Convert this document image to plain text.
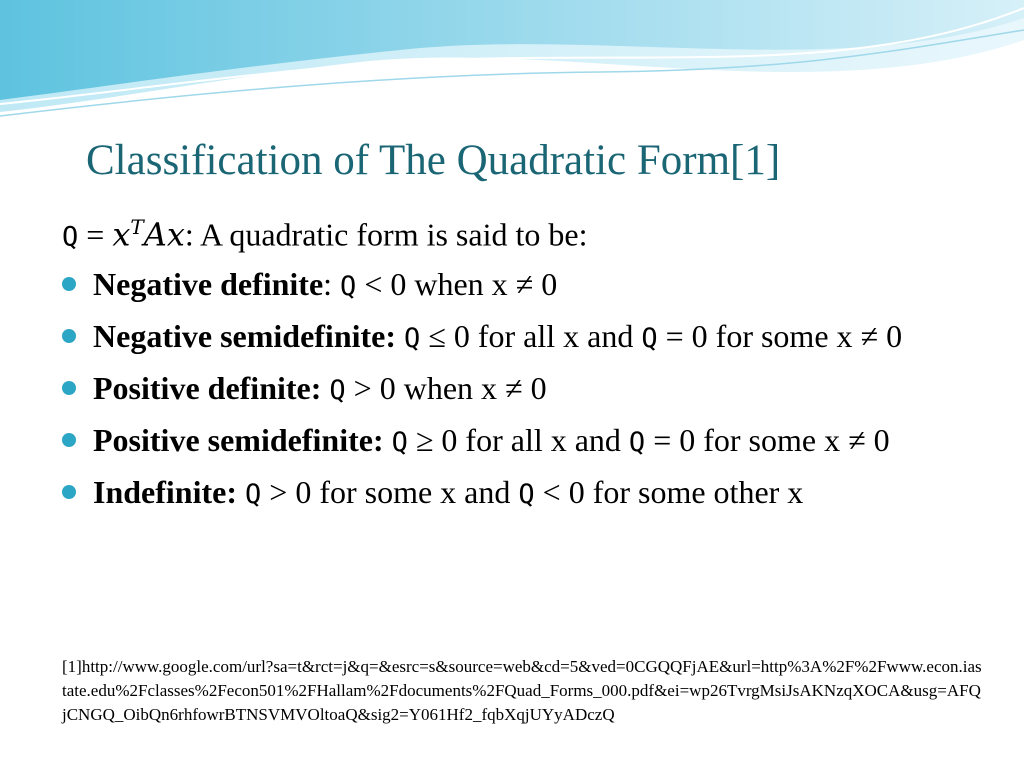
Classification of The Quadratic Form[1]
$Q = x^TAx$: A quadratic form is said to be:
Negative definite: Q < 0 when x ≠ 0
Negative semidefinite: Q ≤ 0 for all x and Q = 0 for some x ≠ 0
Positive definite: Q > 0 when x ≠ 0
Positive semidefinite: Q ≥ 0 for all x and Q = 0 for some x ≠ 0
Indefinite: Q > 0 for some x and Q < 0 for some other x
[1]http://www.google.com/url?sa=t&rct=j&q=&esrc=s&source=web&cd=5&ved=0CGQQFjAE&url=http%3A%2F%2Fwww.econ.iastate.edu%2Fclasses%2Fecon501%2FHallam%2Fdocuments%2FQuad_Forms_000.pdf&ei=wp26TvrgMsiJsAKNzqXOCA&usg=AFQjCNGQ_OibQn6rhfowrBTNSVMVOltoaQ&sig2=Y061Hf2_fqbXqjUYyADczQ
